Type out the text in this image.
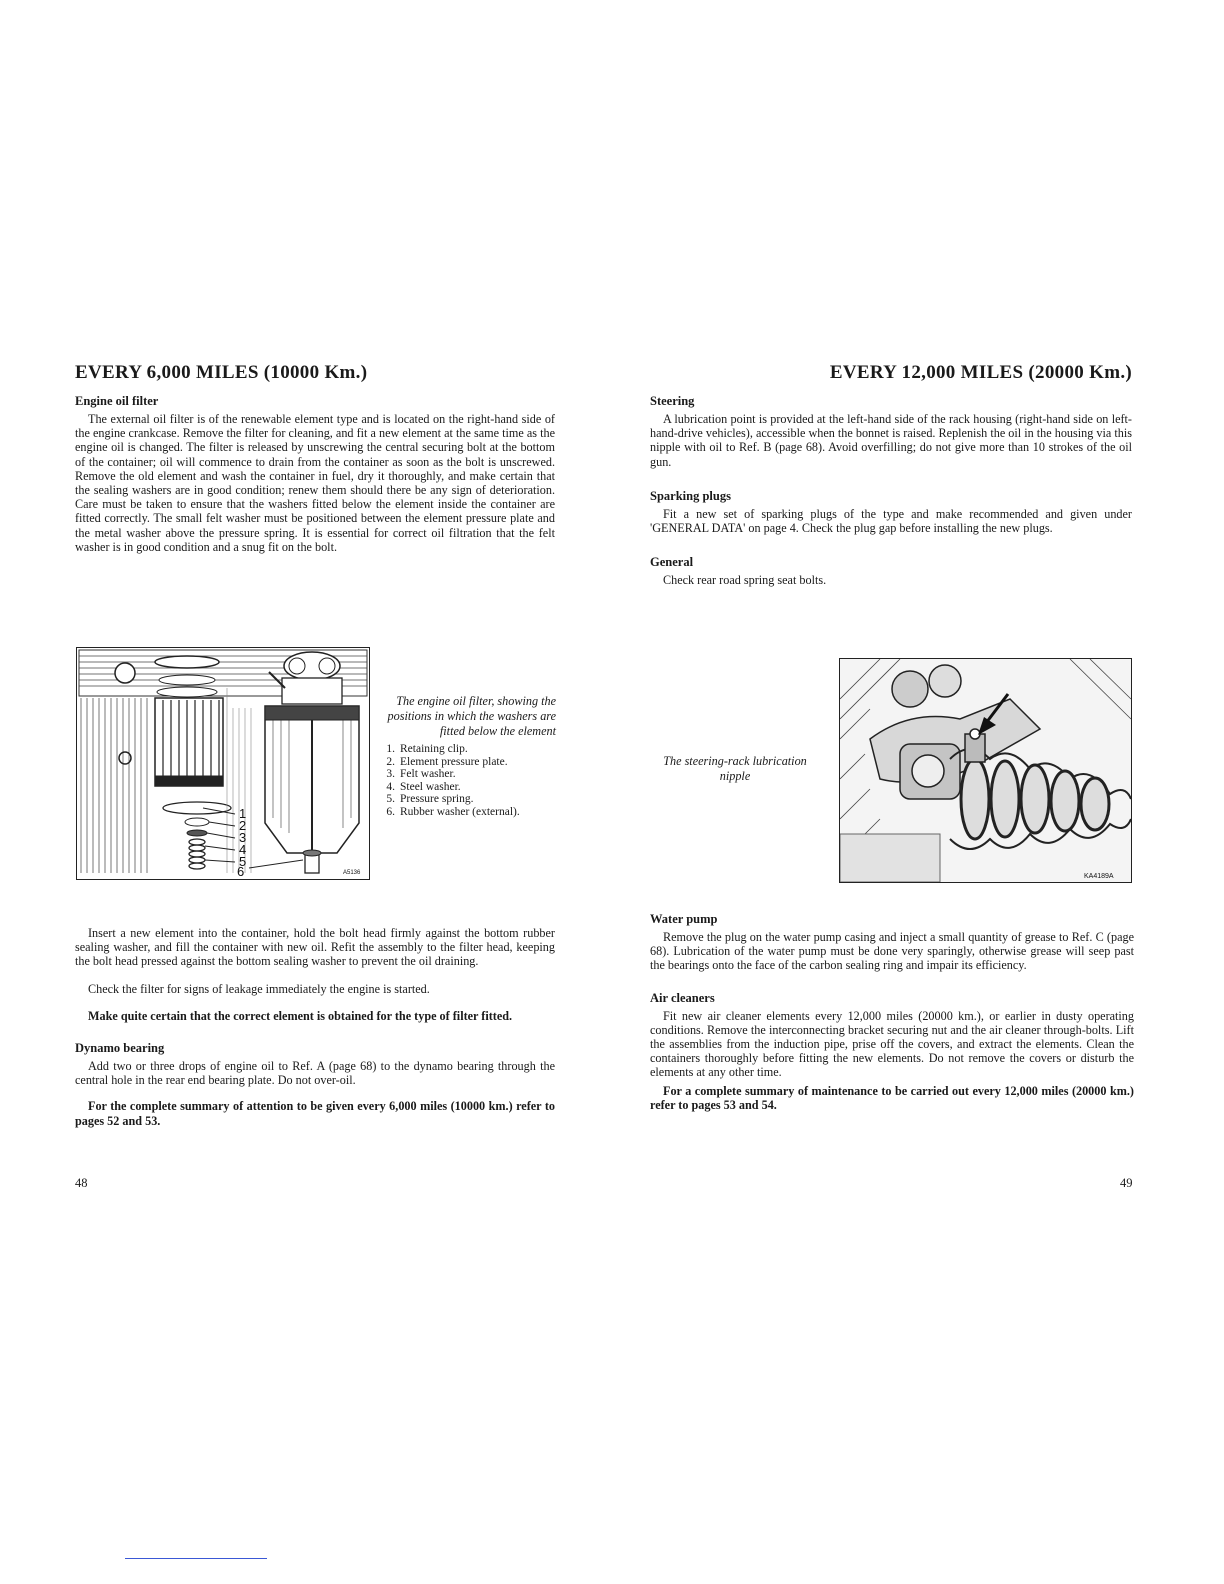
EVERY 6,000 MILES (10000 Km.)
Engine oil filter

The external oil filter is of the renewable element type and is located on the right-hand side of the engine crankcase. Remove the filter for cleaning, and fit a new element at the same time as the engine oil is changed. The filter is released by unscrewing the central securing bolt at the bottom of the container; oil will commence to drain from the container as soon as the bolt is unscrewed. Remove the old element and wash the container in fuel, dry it thoroughly, and make certain that the sealing washers are in good condition; renew them should there be any sign of deterioration. Care must be taken to ensure that the washers fitted below the element inside the container are fitted correctly. The small felt washer must be positioned between the element pressure plate and the metal washer above the pressure spring. It is essential for correct oil filtration that the felt washer is in good condition and a snug fit on the bolt.

1
2
3
4
5
6	A5136
The engine oil filter, showing the positions in which the washers are fitted below the element
1. Retaining clip.
2. Element pressure plate.
3. Felt washer.
4. Steel washer.
5. Pressure spring.
6. Rubber washer (external).

Insert a new element into the container, hold the bolt head firmly against the bottom rubber sealing washer, and fill the container with new oil. Refit the assembly to the filter head, keeping the bolt head pressed against the bottom sealing washer to prevent the oil draining.

Check the filter for signs of leakage immediately the engine is started.

Make quite certain that the correct element is obtained for the type of filter fitted.

Dynamo bearing

Add two or three drops of engine oil to Ref. A (page 68) to the dynamo bearing through the central hole in the rear end bearing plate. Do not over-oil.

For the complete summary of attention to be given every 6,000 miles (10000 km.) refer to pages 52 and 53.

48
EVERY 12,000 MILES (20000 Km.)
Steering

A lubrication point is provided at the left-hand side of the rack housing (right-hand side on left-hand-drive vehicles), accessible when the bonnet is raised. Replenish the oil in the housing via this nipple with oil to Ref. B (page 68). Avoid overfilling; do not give more than 10 strokes of the oil gun.

Sparking plugs

Fit a new set of sparking plugs of the type and make recommended and given under 'GENERAL DATA' on page 4. Check the plug gap before installing the new plugs.

General

Check rear road spring seat bolts.

The steering-rack lubrication nipple
KA4189A
Water pump

Remove the plug on the water pump casing and inject a small quantity of grease to Ref. C (page 68). Lubrication of the water pump must be done very sparingly, otherwise grease will seep past the bearings onto the face of the carbon sealing ring and impair its efficiency.

Air cleaners

Fit new air cleaner elements every 12,000 miles (20000 km.), or earlier in dusty operating conditions. Remove the interconnecting bracket securing nut and the air cleaner through-bolts. Lift the assemblies from the induction pipe, prise off the covers, and extract the elements. Clean the containers thoroughly before fitting the new elements. Do not remove the covers or disturb the elements at any other time.

For a complete summary of maintenance to be carried out every 12,000 miles (20000 km.) refer to pages 53 and 54.

49
